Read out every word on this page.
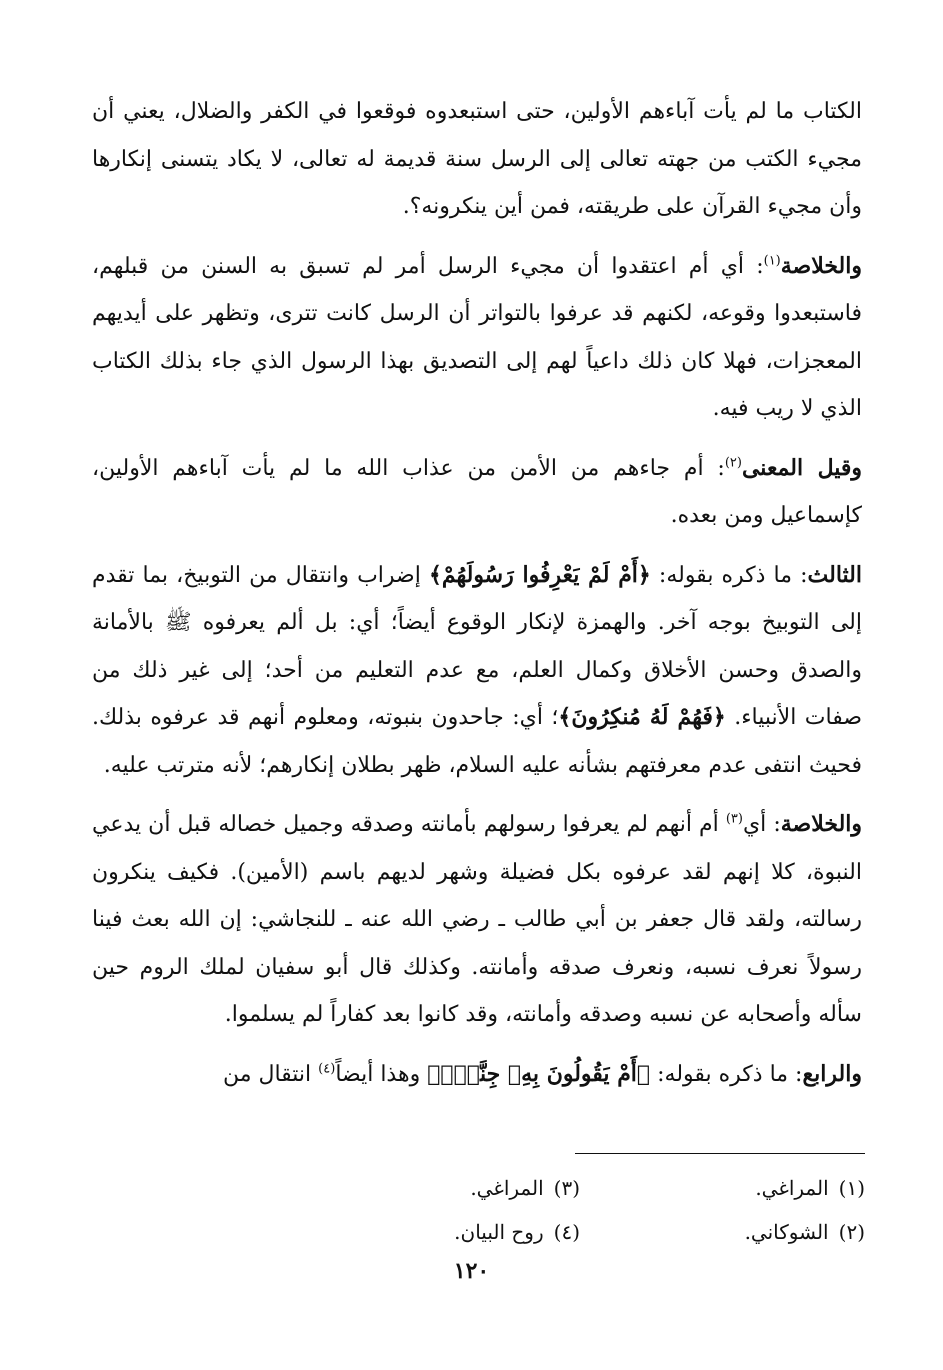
الكتاب ما لم يأت آباءهم الأولين، حتى استبعدوه فوقعوا في الكفر والضلال، يعني أن مجيء الكتب من جهته تعالى إلى الرسل سنة قديمة له تعالى، لا يكاد يتسنى إنكارها وأن مجيء القرآن على طريقته، فمن أين ينكرونه؟.

والخلاصة$^{(١)}$: أي أم اعتقدوا أن مجيء الرسل أمر لم تسبق به السنن من قبلهم، فاستبعدوا وقوعه، لكنهم قد عرفوا بالتواتر أن الرسل كانت تترى، وتظهر على أيديهم المعجزات، فهلا كان ذلك داعياً لهم إلى التصديق بهذا الرسول الذي جاء بذلك الكتاب الذي لا ريب فيه.

وقيل المعنى$^{(٢)}$: أم جاءهم من الأمن من عذاب الله ما لم يأت آباءهم الأولين، كإسماعيل ومن بعده.

الثالث: ما ذكره بقوله: ﴿أَمْ لَمْ يَعْرِفُوا رَسُولَهُمْ﴾ إضراب وانتقال من التوبيخ، بما تقدم إلى التوبيخ بوجه آخر. والهمزة لإنكار الوقوع أيضاً؛ أي: بل ألم يعرفوه ﷺ بالأمانة والصدق وحسن الأخلاق وكمال العلم، مع عدم التعليم من أحد؛ إلى غير ذلك من صفات الأنبياء. ﴿فَهُمْ لَهُ مُنكِرُونَ﴾؛ أي: جاحدون بنبوته، ومعلوم أنهم قد عرفوه بذلك. فحيث انتفى عدم معرفتهم بشأنه عليه السلام، ظهر بطلان إنكارهم؛ لأنه مترتب عليه.

والخلاصة: أي$^{(٣)}$ أم أنهم لم يعرفوا رسولهم بأمانته وصدقه وجميل خصاله قبل أن يدعي النبوة، كلا إنهم لقد عرفوه بكل فضيلة وشهر لديهم باسم (الأمين). فكيف ينكرون رسالته، ولقد قال جعفر بن أبي طالب ـ رضي الله عنه ـ للنجاشي: إن الله بعث فينا رسولاً نعرف نسبه، ونعرف صدقه وأمانته. وكذلك قال أبو سفيان لملك الروم حين سأله وأصحابه عن نسبه وصدقه وأمانته، وقد كانوا بعد كفاراً لم يسلموا.

والرابع: ما ذكره بقوله: ﴿أَمْ يَقُولُونَ بِهِۦ جِنَّةٌۢ﴾ وهذا أيضاً$^{(٤)}$ انتقال من

(١)المراغي.
(٣)المراغي.
(٢)الشوكاني.
(٤)روح البيان.
١٢٠
